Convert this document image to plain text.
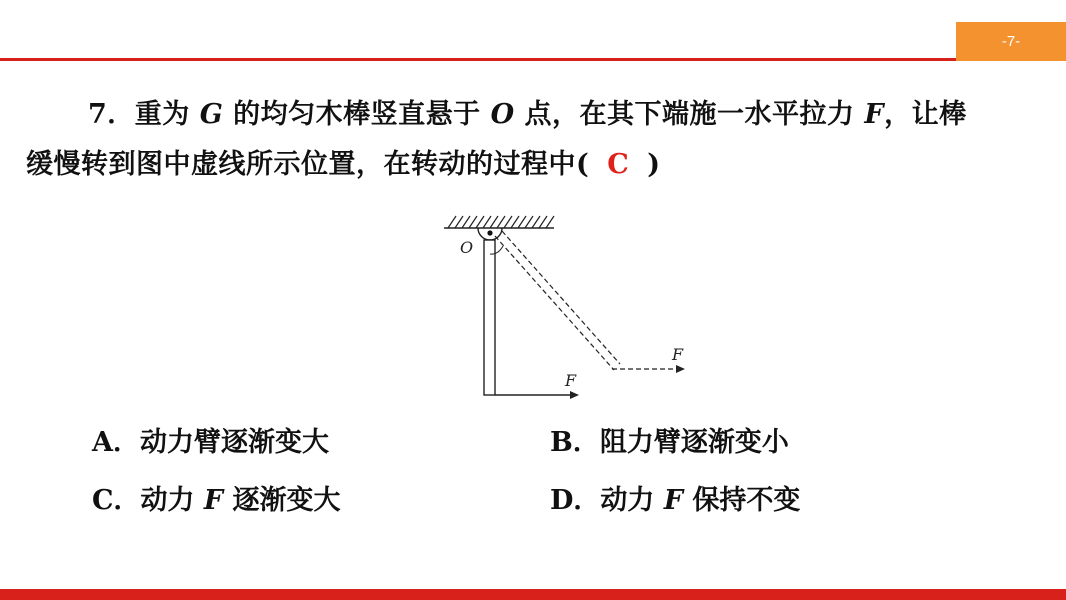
-7-
7．重为 G 的均匀木棒竖直悬于 O 点，在其下端施一水平拉力 F，让棒
缓慢转到图中虚线所示位置，在转动的过程中( C )
O
F
F
A．动力臂逐渐变大	B．阻力臂逐渐变小
C．动力 F 逐渐变大	D．动力 F 保持不变
